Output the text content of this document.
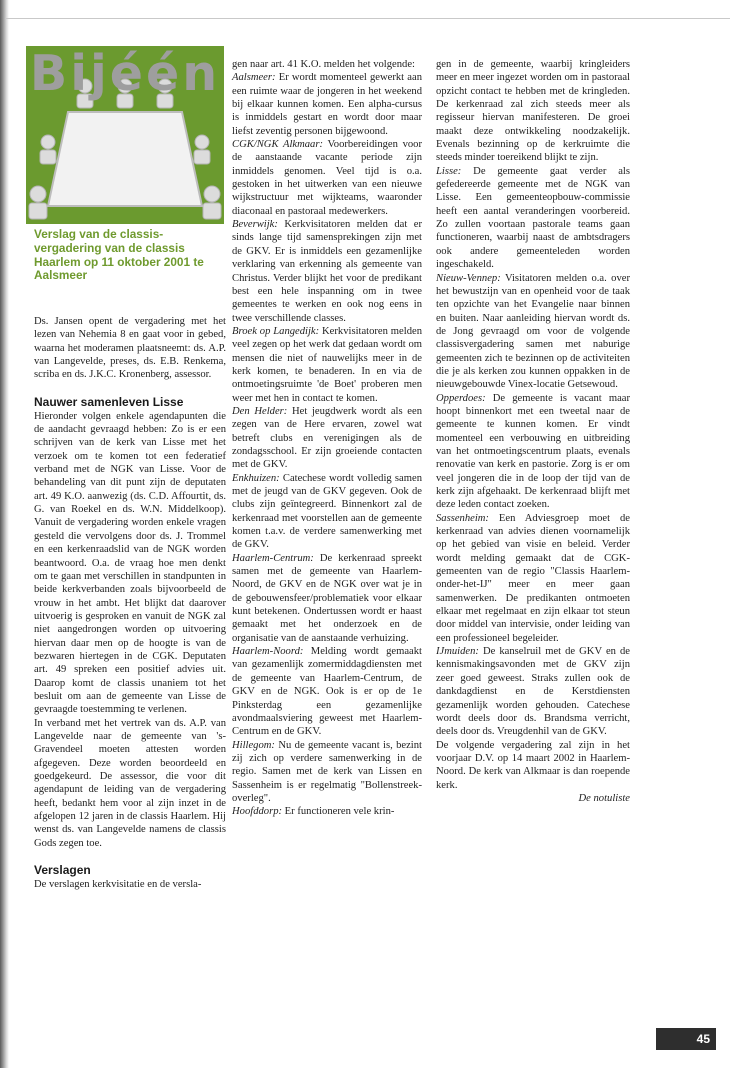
Bijéén
Verslag van de classis-vergadering van de classis Haarlem op 11 oktober 2001 te Aalsmeer

Ds. Jansen opent de vergadering met het lezen van Nehemia 8 en gaat voor in gebed, waarna het moderamen plaatsneemt: ds. A.P. van Langevelde, preses, ds. E.B. Renkema, scriba en ds. J.K.C. Kronenberg, assessor.

Nauwer samenleven Lisse

Hieronder volgen enkele agendapunten die de aandacht gevraagd hebben: Zo is er een schrijven van de kerk van Lisse met het verzoek om te komen tot een federatief verband met de NGK van Lisse. Voor de behandeling van dit punt zijn de deputaten art. 49 K.O. aanwezig (ds. C.D. Affourtit, ds. G. van Roekel en ds. W.N. Middelkoop). Vanuit de vergadering worden enkele vragen gesteld die vervolgens door ds. J. Trommel en een kerkenraadslid van de NGK worden beantwoord. O.a. de vraag hoe men denkt om te gaan met verschillen in standpunten in beide kerkverbanden zoals bijvoorbeeld de vrouw in het ambt. Het blijkt dat daarover uitvoerig is gesproken en vanuit de NGK zal niet aangedrongen worden op uitvoering hiervan daar men op de hoogte is van de bezwaren hiertegen in de CGK. Deputaten art. 49 spreken een positief advies uit. Daarop komt de classis unaniem tot het besluit om aan de gemeente van Lisse de gevraagde toestemming te verlenen.

In verband met het vertrek van ds. A.P. van Langevelde naar de gemeente van 's-Gravendeel moeten attesten worden afgegeven. Deze worden beoordeeld en goedgekeurd. De assessor, die voor dit agendapunt de leiding van de vergadering heeft, bedankt hem voor al zijn inzet in de afgelopen 12 jaren in de classis Haarlem. Hij wenst ds. van Langevelde namens de classis Gods zegen toe.

Verslagen

De verslagen kerkvisitatie en de versla-

gen naar art. 41 K.O. melden het volgende:

Aalsmeer: Er wordt momenteel gewerkt aan een ruimte waar de jongeren in het weekend bij elkaar kunnen komen. Een alpha-cursus is inmiddels gestart en wordt door maar liefst zeventig personen bijgewoond.

CGK/NGK Alkmaar: Voorbereidingen voor de aanstaande vacante periode zijn inmiddels genomen. Veel tijd is o.a. gestoken in het uitwerken van een nieuwe wijkstructuur met wijkteams, waaronder diaconaal en pastoraal medewerkers.

Beverwijk: Kerkvisitatoren melden dat er sinds lange tijd samensprekingen zijn met de GKV. Er is inmiddels een gezamenlijke verklaring van erkenning als gemeente van Christus. Verder blijkt het voor de predikant best een hele inspanning om in twee gemeentes te werken en ook nog eens in twee verschillende classes.

Broek op Langedijk: Kerkvisitatoren melden veel zegen op het werk dat gedaan wordt om mensen die niet of nauwelijks meer in de kerk komen, te benaderen. In en via de ontmoetingsruimte 'de Boet' proberen men weer met hen in contact te komen.

Den Helder: Het jeugdwerk wordt als een zegen van de Here ervaren, zowel wat betreft clubs en verenigingen als de zondagsschool. Er zijn groeiende contacten met de GKV.

Enkhuizen: Catechese wordt volledig samen met de jeugd van de GKV gegeven. Ook de clubs zijn geïntegreerd. Binnenkort zal de kerkenraad met voorstellen aan de gemeente komen t.a.v. de verdere samenwerking met de GKV.

Haarlem-Centrum: De kerkenraad spreekt samen met de gemeente van Haarlem-Noord, de GKV en de NGK over wat je in de gebouwensfeer/problematiek voor elkaar kunt betekenen. Ondertussen wordt er haast gemaakt met het onderzoek en de organisatie van de aanstaande verhuizing.

Haarlem-Noord: Melding wordt gemaakt van gezamenlijk zomermiddagdiensten met de gemeente van Haarlem-Centrum, de GKV en de NGK. Ook is er op de 1e Pinksterdag een gezamenlijke avondmaalsviering geweest met Haarlem-Centrum en de GKV.

Hillegom: Nu de gemeente vacant is, bezint zij zich op verdere samenwerking in de regio. Samen met de kerk van Lissen en Sassenheim is er regelmatig "Bollenstreek-overleg".

Hoofddorp: Er functioneren vele krin-

gen in de gemeente, waarbij kringleiders meer en meer ingezet worden om in pastoraal opzicht contact te hebben met de kringleden. De kerkenraad zal zich steeds meer als regisseur hiervan manifesteren. De groei maakt deze ontwikkeling noodzakelijk. Evenals bezinning op de kerkruimte die steeds minder toereikend blijkt te zijn.

Lisse: De gemeente gaat verder als gefedereerde gemeente met de NGK van Lisse. Een gemeenteopbouw-commissie heeft een aantal veranderingen voorbereid. Zo zullen voortaan pastorale teams gaan functioneren, waarbij naast de ambtsdragers ook andere gemeenteleden worden ingeschakeld.

Nieuw-Vennep: Visitatoren melden o.a. over het bewustzijn van en openheid voor de taak ten opzichte van het Evangelie naar binnen en buiten. Naar aanleiding hiervan wordt ds. de Jong gevraagd om voor de volgende classisvergadering samen met naburige gemeenten zich te bezinnen op de activiteiten die je als kerken zou kunnen oppakken in de nieuwgebouwde Vinex-locatie Getsewoud.

Opperdoes: De gemeente is vacant maar hoopt binnenkort met een tweetal naar de gemeente te kunnen komen. Er vindt momenteel een verbouwing en uitbreiding van het ontmoetingscentrum plaats, evenals renovatie van kerk en pastorie. Zorg is er om veel jongeren die in de loop der tijd van de kerk zijn afgehaakt. De kerkenraad blijft met deze leden contact zoeken.

Sassenheim: Een Adviesgroep moet de kerkenraad van advies dienen voornamelijk op het gebied van visie en beleid. Verder wordt melding gemaakt dat de CGK-gemeenten van de regio "Classis Haarlem-onder-het-IJ" meer en meer gaan samenwerken. De predikanten ontmoeten elkaar met regelmaat en zijn elkaar tot steun door middel van intervisie, onder leiding van een professioneel begeleider.

IJmuiden: De kanselruil met de GKV en de kennismakingsavonden met de GKV zijn zeer goed geweest. Straks zullen ook de dankdagdienst en de Kerstdiensten gezamenlijk worden gehouden. Catechese wordt deels door ds. Brandsma verricht, deels door ds. Vreugdenhil van de GKV.

De volgende vergadering zal zijn in het voorjaar D.V. op 14 maart 2002 in Haarlem-Noord. De kerk van Alkmaar is dan roepende kerk.

De notuliste

45
